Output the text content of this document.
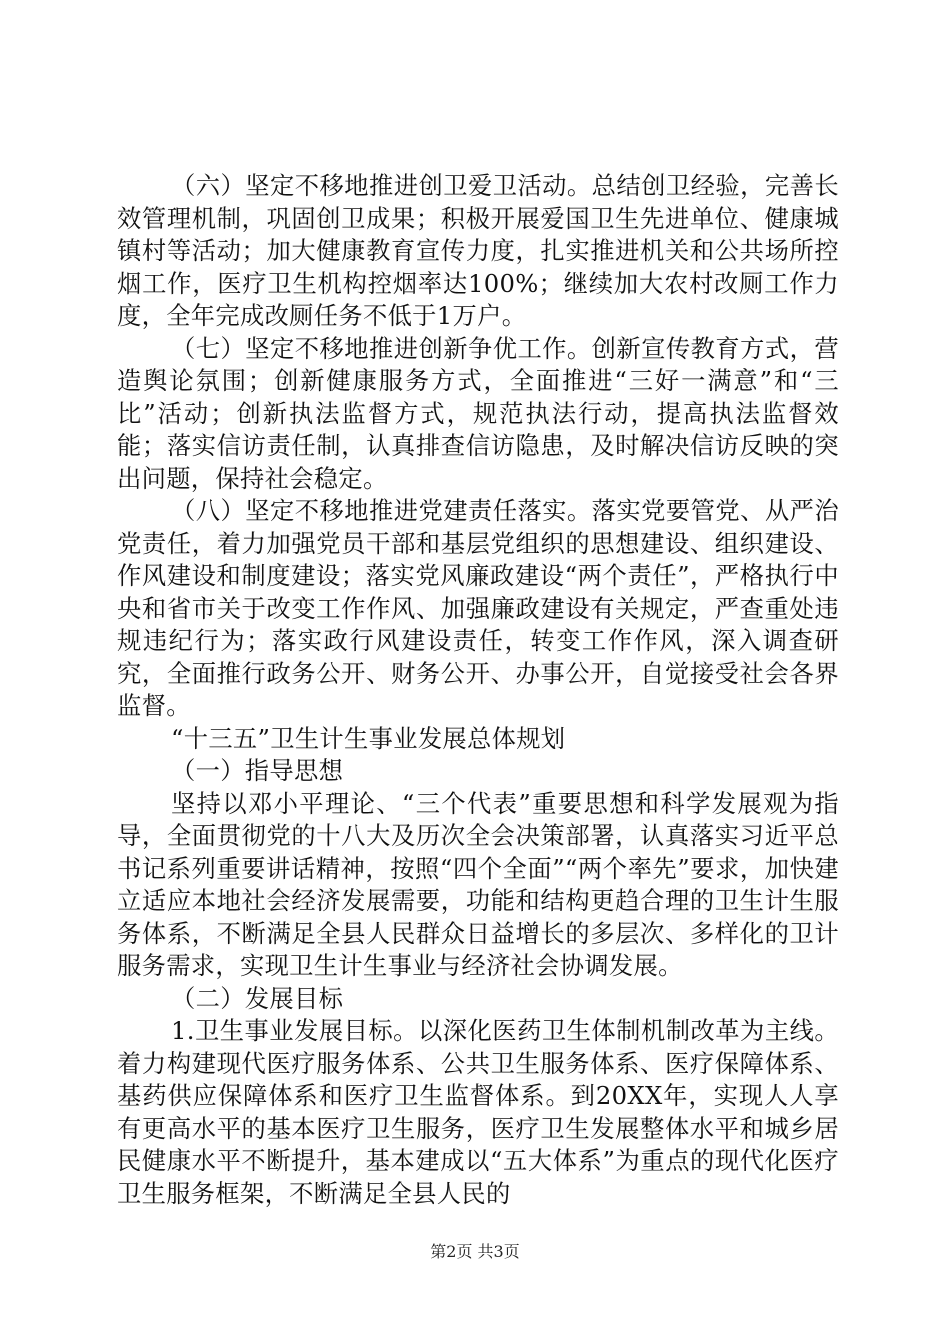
（六）坚定不移地推进创卫爱卫活动。总结创卫经验，完善长效管理机制，巩固创卫成果；积极开展爱国卫生先进单位、健康城镇村等活动；加大健康教育宣传力度，扎实推进机关和公共场所控烟工作，医疗卫生机构控烟率达100%；继续加大农村改厕工作力度，全年完成改厕任务不低于1万户。

（七）坚定不移地推进创新争优工作。创新宣传教育方式，营造舆论氛围；创新健康服务方式，全面推进“三好一满意”和“三比”活动；创新执法监督方式，规范执法行动，提高执法监督效能；落实信访责任制，认真排查信访隐患，及时解决信访反映的突出问题，保持社会稳定。

（八）坚定不移地推进党建责任落实。落实党要管党、从严治党责任，着力加强党员干部和基层党组织的思想建设、组织建设、作风建设和制度建设；落实党风廉政建设“两个责任”，严格执行中央和省市关于改变工作作风、加强廉政建设有关规定，严查重处违规违纪行为；落实政行风建设责任，转变工作作风，深入调查研究，全面推行政务公开、财务公开、办事公开，自觉接受社会各界监督。

“十三五”卫生计生事业发展总体规划

（一）指导思想

坚持以邓小平理论、“三个代表”重要思想和科学发展观为指导，全面贯彻党的十八大及历次全会决策部署，认真落实习近平总书记系列重要讲话精神，按照“四个全面”“两个率先”要求，加快建立适应本地社会经济发展需要，功能和结构更趋合理的卫生计生服务体系，不断满足全县人民群众日益增长的多层次、多样化的卫计服务需求，实现卫生计生事业与经济社会协调发展。

（二）发展目标

1.卫生事业发展目标。以深化医药卫生体制机制改革为主线。着力构建现代医疗服务体系、公共卫生服务体系、医疗保障体系、基药供应保障体系和医疗卫生监督体系。到20XX年，实现人人享有更高水平的基本医疗卫生服务，医疗卫生发展整体水平和城乡居民健康水平不断提升，基本建成以“五大体系”为重点的现代化医疗卫生服务框架，不断满足全县人民的

第2页 共3页
